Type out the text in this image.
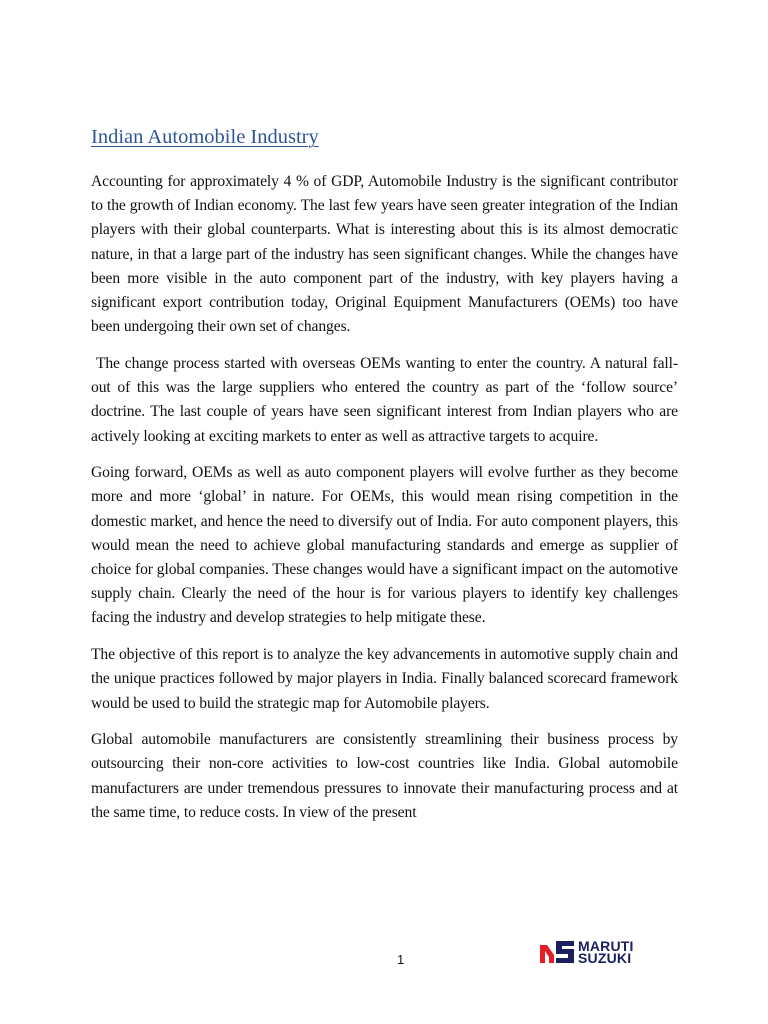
Indian Automobile Industry

Accounting for approximately 4 % of GDP, Automobile Industry is the significant contributor to the growth of Indian economy. The last few years have seen greater integration of the Indian players with their global counterparts. What is interesting about this is its almost democratic nature, in that a large part of the industry has seen significant changes. While the changes have been more visible in the auto component part of the industry, with key players having a significant export contribution today, Original Equipment Manufacturers (OEMs) too have been undergoing their own set of changes.

The change process started with overseas OEMs wanting to enter the country. A natural fall-out of this was the large suppliers who entered the country as part of the ‘follow source’ doctrine. The last couple of years have seen significant interest from Indian players who are actively looking at exciting markets to enter as well as attractive targets to acquire.

Going forward, OEMs as well as auto component players will evolve further as they become more and more ‘global’ in nature. For OEMs, this would mean rising competition in the domestic market, and hence the need to diversify out of India. For auto component players, this would mean the need to achieve global manufacturing standards and emerge as supplier of choice for global companies. These changes would have a significant impact on the automotive supply chain. Clearly the need of the hour is for various players to identify key challenges facing the industry and develop strategies to help mitigate these.

The objective of this report is to analyze the key advancements in automotive supply chain and the unique practices followed by major players in India. Finally balanced scorecard framework would be used to build the strategic map for Automobile players.

Global automobile manufacturers are consistently streamlining their business process by outsourcing their non-core activities to low-cost countries like India. Global automobile manufacturers are under tremendous pressures to innovate their manufacturing process and at the same time, to reduce costs. In view of the present

1
MARUTI
SUZUKI
